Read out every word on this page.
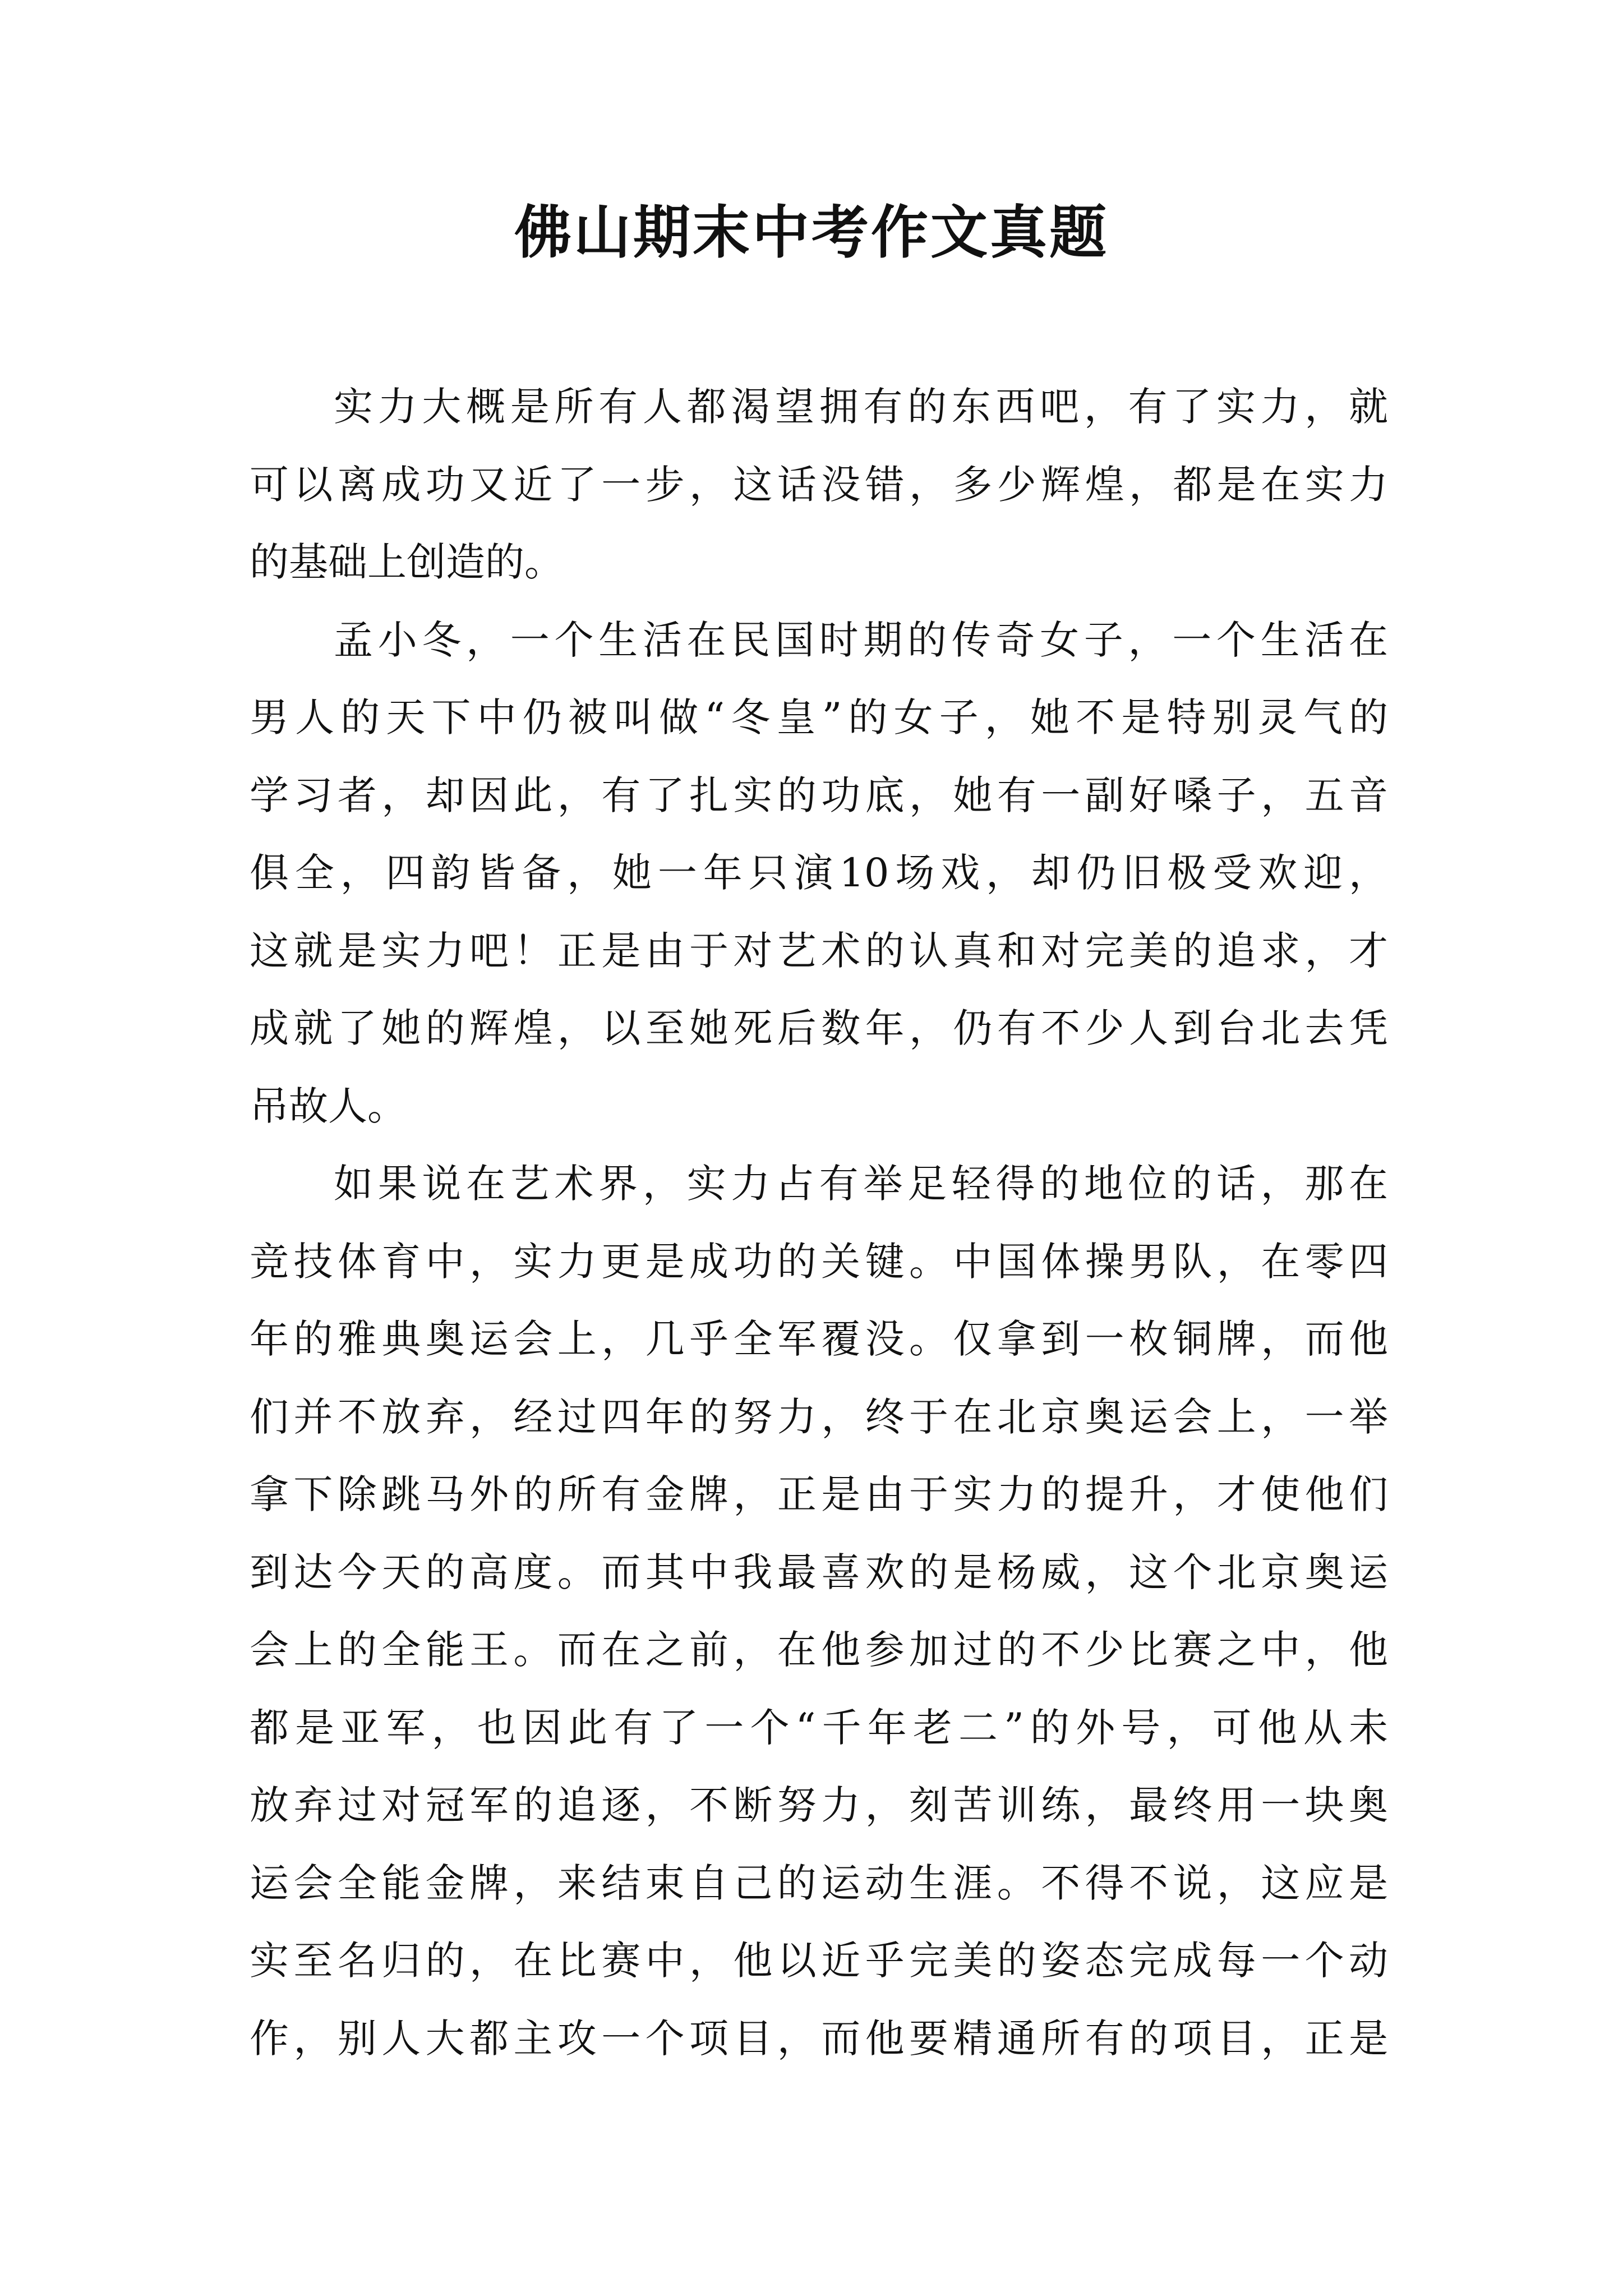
佛山期末中考作文真题
实力大概是所有人都渴望拥有的东西吧，有了实力，就
可以离成功又近了一步，这话没错，多少辉煌，都是在实力
的基础上创造的。
孟小冬，一个生活在民国时期的传奇女子，一个生活在
男人的天下中仍被叫做“冬皇”的女子，她不是特别灵气的
学习者，却因此，有了扎实的功底，她有一副好嗓子，五音
俱全，四韵皆备，她一年只演10场戏，却仍旧极受欢迎，
这就是实力吧！正是由于对艺术的认真和对完美的追求，才
成就了她的辉煌，以至她死后数年，仍有不少人到台北去凭
吊故人。
如果说在艺术界，实力占有举足轻得的地位的话，那在
竞技体育中，实力更是成功的关键。中国体操男队，在零四
年的雅典奥运会上，几乎全军覆没。仅拿到一枚铜牌，而他
们并不放弃，经过四年的努力，终于在北京奥运会上，一举
拿下除跳马外的所有金牌，正是由于实力的提升，才使他们
到达今天的高度。而其中我最喜欢的是杨威，这个北京奥运
会上的全能王。而在之前，在他参加过的不少比赛之中，他
都是亚军，也因此有了一个“千年老二”的外号，可他从未
放弃过对冠军的追逐，不断努力，刻苦训练，最终用一块奥
运会全能金牌，来结束自己的运动生涯。不得不说，这应是
实至名归的，在比赛中，他以近乎完美的姿态完成每一个动
作，别人大都主攻一个项目，而他要精通所有的项目，正是
